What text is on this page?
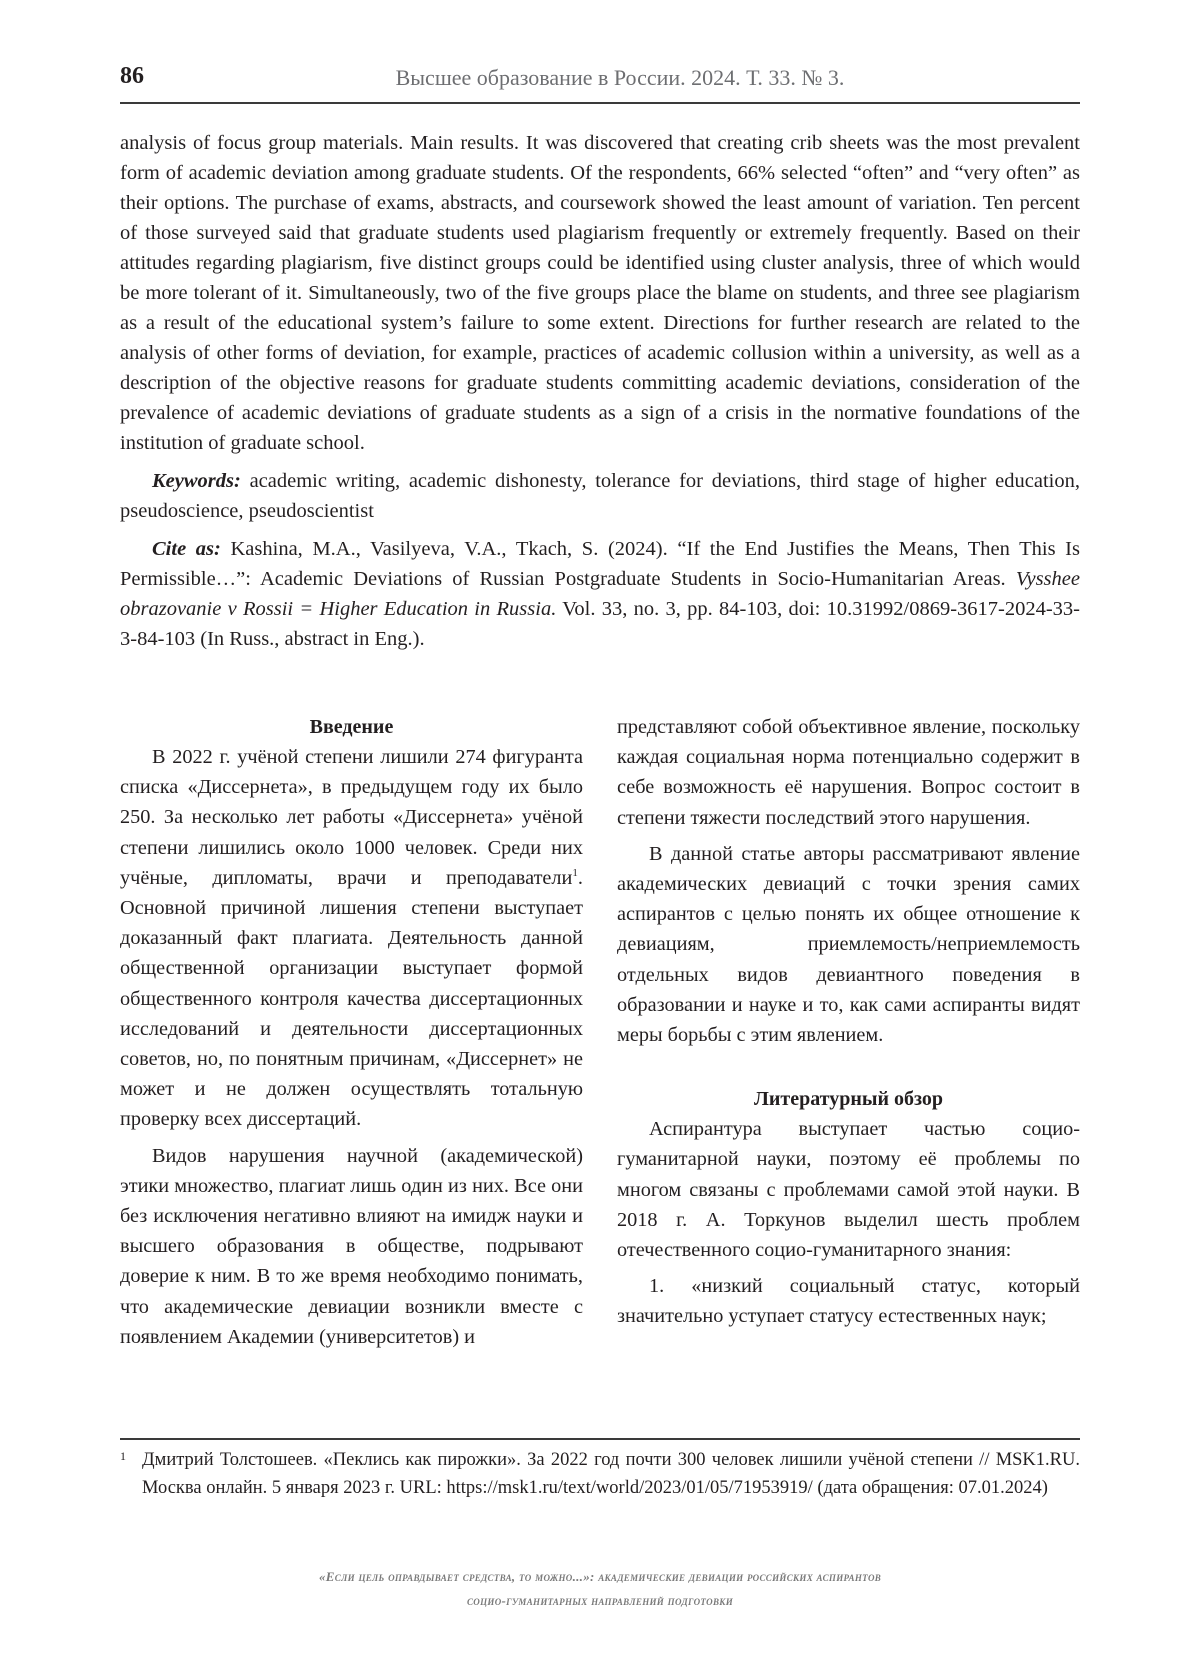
86	Высшее образование в России. 2024. Т. 33. № 3.

analysis of focus group materials. Main results. It was discovered that creating crib sheets was the most prevalent form of academic deviation among graduate students. Of the respondents, 66% selected “often” and “very often” as their options. The purchase of exams, abstracts, and coursework showed the least amount of variation. Ten percent of those surveyed said that graduate students used plagiarism frequently or extremely frequently. Based on their attitudes regarding plagiarism, five distinct groups could be identified using cluster analysis, three of which would be more tolerant of it. Simultaneously, two of the five groups place the blame on students, and three see plagiarism as a result of the educational system’s failure to some extent. Directions for further research are related to the analysis of other forms of deviation, for example, practices of academic collusion within a university, as well as a description of the objective reasons for graduate students committing academic deviations, consideration of the prevalence of academic deviations of graduate students as a sign of a crisis in the normative foundations of the institution of graduate school.

Keywords: academic writing, academic dishonesty, tolerance for deviations, third stage of higher education, pseudoscience, pseudoscientist

Cite as: Kashina, M.A., Vasilyeva, V.A., Tkach, S. (2024). “If the End Justifies the Means, Then This Is Permissible…”: Academic Deviations of Russian Postgraduate Students in Socio-Humanitarian Areas. Vysshee obrazovanie v Rossii = Higher Education in Russia. Vol. 33, no. 3, pp. 84-103, doi: 10.31992/0869-3617-2024-33-3-84-103 (In Russ., abstract in Eng.).

Введение

В 2022 г. учёной степени лишили 274 фигуранта списка «Диссернета», в предыдущем году их было 250. За несколько лет работы «Диссернета» учёной степени лишились около 1000 человек. Среди них учёные, дипломаты, врачи и преподаватели$^1$. Основной причиной лишения степени выступает доказанный факт плагиата. Деятельность данной общественной организации выступает формой общественного контроля качества диссертационных исследований и деятельности диссертационных советов, но, по понятным причинам, «Диссернет» не может и не должен осуществлять тотальную проверку всех диссертаций.

Видов нарушения научной (академической) этики множество, плагиат лишь один из них. Все они без исключения негативно влияют на имидж науки и высшего образования в обществе, подрывают доверие к ним. В то же время необходимо понимать, что академические девиации возникли вместе с появлением Академии (университетов) и

представляют собой объективное явление, поскольку каждая социальная норма потенциально содержит в себе возможность её нарушения. Вопрос состоит в степени тяжести последствий этого нарушения.

В данной статье авторы рассматривают явление академических девиаций с точки зрения самих аспирантов с целью понять их общее отношение к девиациям, приемлемость/неприемлемость отдельных видов девиантного поведения в образовании и науке и то, как сами аспиранты видят меры борьбы с этим явлением.

Литературный обзор

Аспирантура выступает частью социо-гуманитарной науки, поэтому её проблемы по многом связаны с проблемами самой этой науки. В 2018 г. А. Торкунов выделил шесть проблем отечественного социо-гуманитарного знания:

1. «низкий социальный статус, который значительно уступает статусу естественных наук;

1 Дмитрий Толстошеев. «Пеклись как пирожки». За 2022 год почти 300 человек лишили учёной степени // MSK1.RU. Москва онлайн. 5 января 2023 г. URL: https://msk1.ru/text/world/2023/01/05/71953919/ (дата обращения: 07.01.2024)
«Если цель оправдывает средства, то можно...»: академические девиации российских аспирантов
социо-гуманитарных направлений подготовки
